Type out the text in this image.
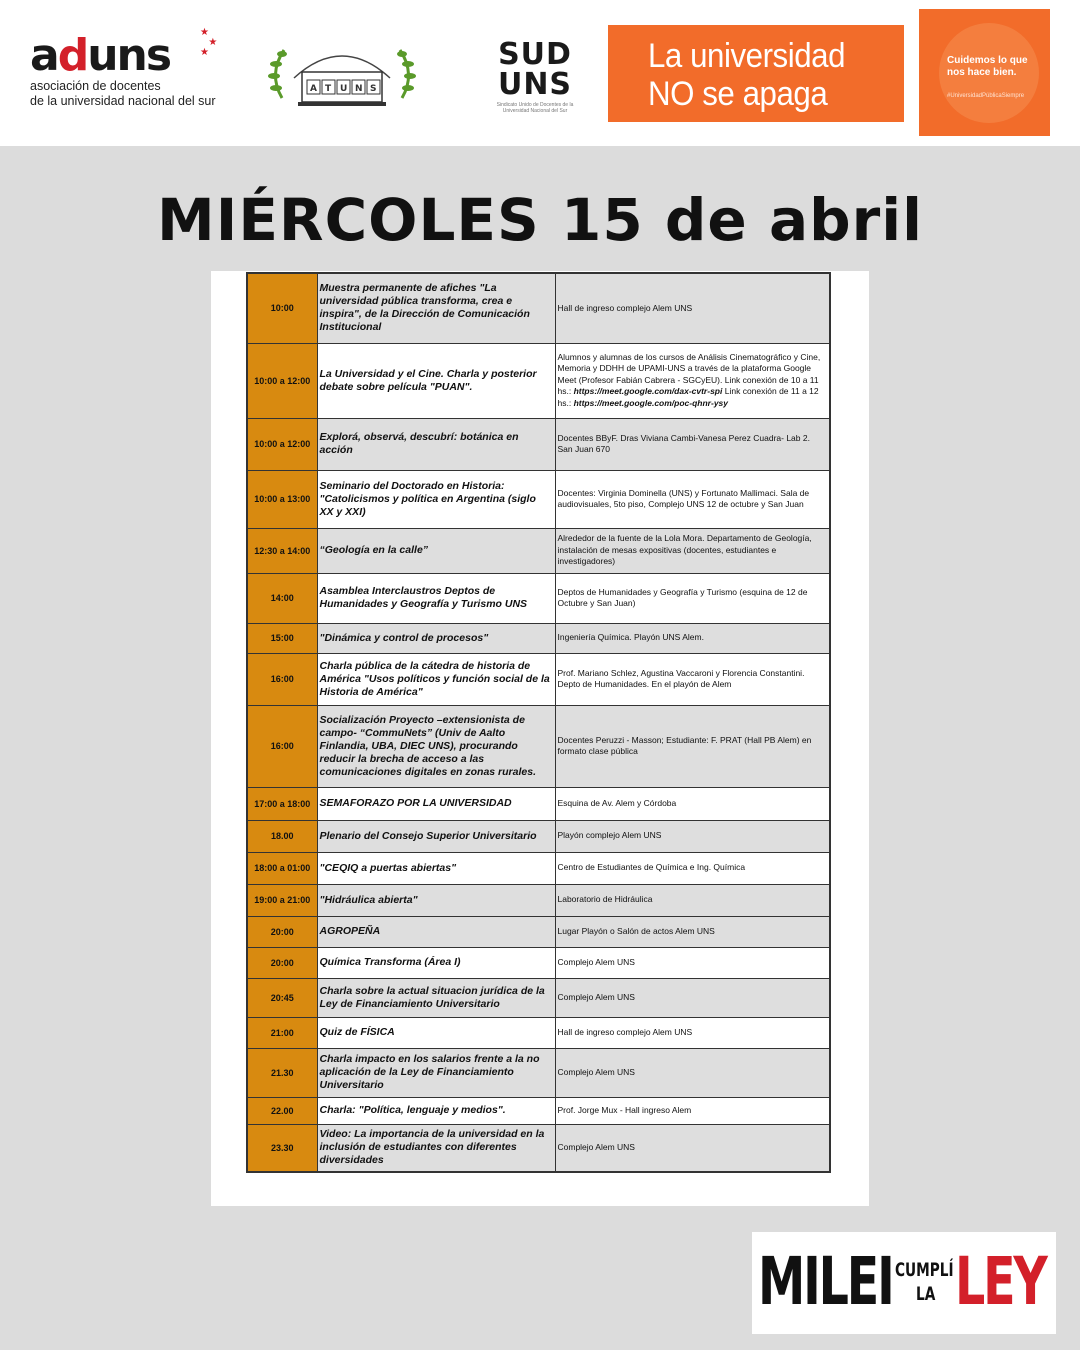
aduns	★
★
★
asociación de docentes
de la universidad nacional del sur
A T U N S
SUD
UNS
Sindicato Unido de Docentes de la Universidad Nacional del Sur
La universidad
NO se apaga
Cuidemos lo que nos hace bien.
#UniversidadPúblicaSiempre
MIÉRCOLES 15 de abril
10:00	Muestra permanente de afiches "La universidad pública transforma, crea e inspira", de la Dirección de Comunicación Institucional	Hall de ingreso complejo Alem UNS
10:00 a 12:00	La Universidad y el Cine. Charla y posterior debate sobre película "PUAN".	Alumnos y alumnas de los cursos de Análisis Cinematográfico y Cine, Memoria y DDHH de UPAMI-UNS a través de la plataforma Google Meet (Profesor Fabián Cabrera - SGCyEU). Link conexión de 10 a 11 hs.: https://meet.google.com/dax-cvtr-spi Link conexión de 11 a 12 hs.: https://meet.google.com/poc-qhnr-ysy
10:00 a 12:00	Explorá, observá, descubrí: botánica en acción	Docentes BByF. Dras Viviana Cambi-Vanesa Perez Cuadra- Lab 2. San Juan 670
10:00 a 13:00	Seminario del Doctorado en Historia: "Catolicismos y política en Argentina (siglo XX y XXI)	Docentes: Virginia Dominella (UNS) y Fortunato Mallimaci. Sala de audiovisuales, 5to piso, Complejo UNS 12 de octubre y San Juan
12:30 a 14:00	“Geología en la calle”	Alrededor de la fuente de la Lola Mora. Departamento de Geología, instalación de mesas expositivas (docentes, estudiantes e investigadores)
14:00	Asamblea Interclaustros Deptos de Humanidades y Geografía y Turismo UNS	Deptos de Humanidades y Geografía y Turismo (esquina de 12 de Octubre y San Juan)
15:00	"Dinámica y control de procesos"	Ingeniería Química. Playón UNS Alem.
16:00	Charla pública de la cátedra de historia de América "Usos políticos y función social de la Historia de América"	Prof. Mariano Schlez, Agustina Vaccaroni y Florencia Constantini. Depto de Humanidades. En el playón de Alem
16:00	Socialización Proyecto –extensionista de campo- “CommuNets” (Univ de Aalto Finlandia, UBA, DIEC UNS), procurando reducir la brecha de acceso a las comunicaciones digitales en zonas rurales.	Docentes Peruzzi - Masson; Estudiante: F. PRAT (Hall PB Alem) en formato clase pública
17:00 a 18:00	SEMAFORAZO POR LA UNIVERSIDAD	Esquina de Av. Alem y Córdoba
18.00	Plenario del Consejo Superior Universitario	Playón complejo Alem UNS
18:00 a 01:00	"CEQIQ a puertas abiertas"	Centro de Estudiantes de Química e Ing. Química
19:00 a 21:00	"Hidráulica abierta"	Laboratorio de Hidráulica
20:00	AGROPEÑA	Lugar Playón o Salón de actos Alem UNS
20:00	Química Transforma (Área I)	Complejo Alem UNS
20:45	Charla sobre la actual situacion jurídica de la Ley de Financiamiento Universitario	Complejo Alem UNS
21:00	Quiz de FÍSICA	Hall de ingreso complejo Alem UNS
21.30	Charla impacto en los salarios frente a la no aplicación de la Ley de Financiamiento Universitario	Complejo Alem UNS
22.00	Charla: "Política, lenguaje y medios".	Prof. Jorge Mux - Hall ingreso Alem
23.30	Video: La importancia de la universidad en la inclusión de estudiantes con diferentes diversidades	Complejo Alem UNS
MILEI CUMPLÍ
LA LEY
